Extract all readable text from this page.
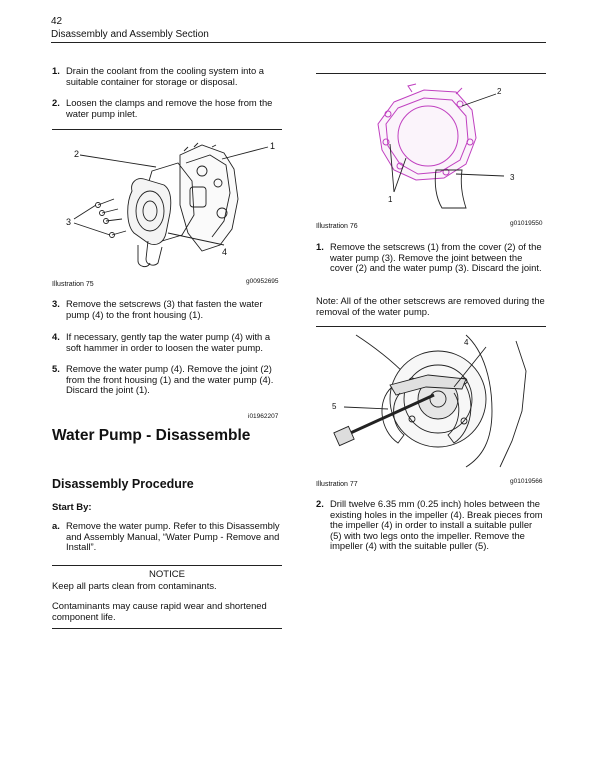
42
Disassembly and Assembly Section
1. Drain the coolant from the cooling system into a suitable container for storage or disposal.
2. Loosen the clamps and remove the hose from the water pump inlet.
2
1
3
4
Illustration 75	g00952695
3. Remove the setscrews (3) that fasten the water pump (4) to the front housing (1).
4. If necessary, gently tap the water pump (4) with a soft hammer in order to loosen the water pump.
5. Remove the water pump (4). Remove the joint (2) from the front housing (1) and the water pump (4). Discard the joint (1).
i01962207
Water Pump - Disassemble
Disassembly Procedure
Start By:
a. Remove the water pump. Refer to this Disassembly and Assembly Manual, “Water Pump - Remove and Install”.
NOTICE
Keep all parts clean from contaminants.
Contaminants may cause rapid wear and shortened component life.
2
3
1
Illustration 76	g01019550
1. Remove the setscrews (1) from the cover (2) of the water pump (3). Remove the joint between the cover (2) and the water pump (3). Discard the joint.
Note: All of the other setscrews are removed during the removal of the water pump.
4
5
Illustration 77	g01019566
2. Drill twelve 6.35 mm (0.25 inch) holes between the existing holes in the impeller (4). Break pieces from the impeller (4) in order to install a suitable puller (5) with two legs onto the impeller. Remove the impeller (4) with the suitable puller (5).
